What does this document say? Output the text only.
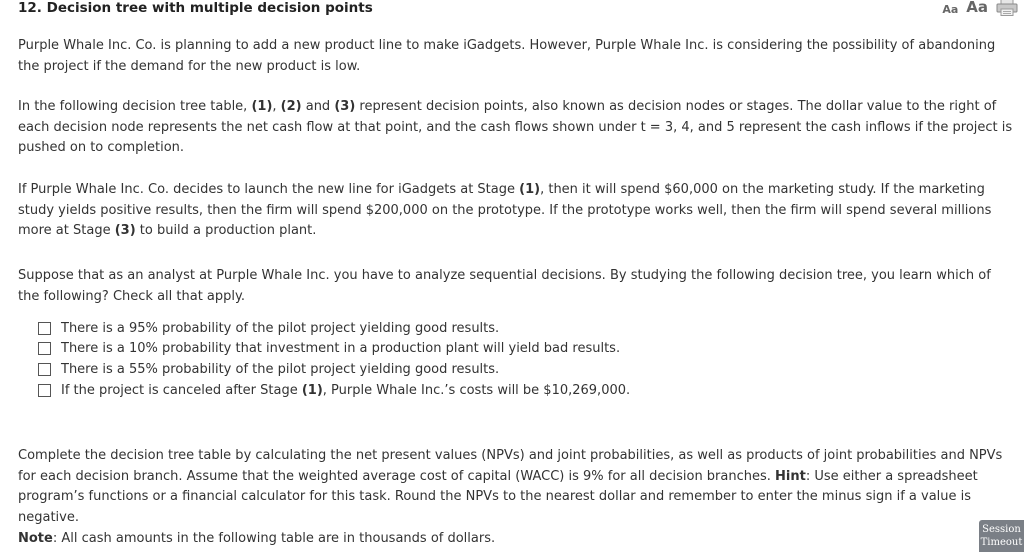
12. Decision tree with multiple decision points	Aa Aa
Purple Whale Inc. Co. is planning to add a new product line to make iGadgets. However, Purple Whale Inc. is considering the possibility of abandoning the project if the demand for the new product is low.
In the following decision tree table, (1), (2) and (3) represent decision points, also known as decision nodes or stages. The dollar value to the right of each decision node represents the net cash flow at that point, and the cash flows shown under t = 3, 4, and 5 represent the cash inflows if the project is pushed on to completion.
If Purple Whale Inc. Co. decides to launch the new line for iGadgets at Stage (1), then it will spend $60,000 on the marketing study. If the marketing study yields positive results, then the firm will spend $200,000 on the prototype. If the prototype works well, then the firm will spend several millions more at Stage (3) to build a production plant.
Suppose that as an analyst at Purple Whale Inc. you have to analyze sequential decisions. By studying the following decision tree, you learn which of the following? Check all that apply.
There is a 95% probability of the pilot project yielding good results.
There is a 10% probability that investment in a production plant will yield bad results.
There is a 55% probability of the pilot project yielding good results.
If the project is canceled after Stage (1), Purple Whale Inc.’s costs will be $10,269,000.
Complete the decision tree table by calculating the net present values (NPVs) and joint probabilities, as well as products of joint probabilities and NPVs for each decision branch. Assume that the weighted average cost of capital (WACC) is 9% for all decision branches. Hint: Use either a spreadsheet program’s functions or a financial calculator for this task. Round the NPVs to the nearest dollar and remember to enter the minus sign if a value is negative.
Note: All cash amounts in the following table are in thousands of dollars.
Session
Timeout
